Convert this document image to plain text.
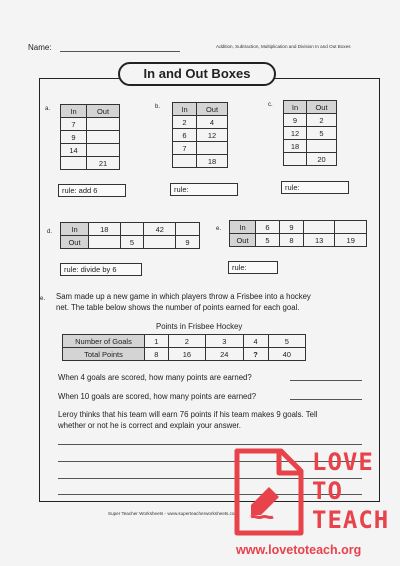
Name:	Addition, Subtraction, Multiplication and Division In and Out Boxes
In and Out Boxes
a.	In	Out
7	
9	
14	
	21
rule: add 6
b.	In	Out
2	4
6	12
7	
	18
rule:
c.	In	Out
9	2
12	5
18	
	20
rule:
d.	In	18		42	
Out		5		9
rule: divide by 6
e. In	6	9		
Out	5	8	13	19
rule:
e. Sam made up a new game in which players throw a Frisbee into a hockey
net. The table below shows the number of points earned for each goal.
Points in Frisbee Hockey
Number of Goals	1	2	3	4	5
Total Points	8	16	24	?	40
When 4 goals are scored, how many points are earned?
When 10 goals are scored, how many points are earned?
Leroy thinks that his team will earn 76 points if his team makes 9 goals. Tell
whether or not he is correct and explain your answer.
Super Teacher Worksheets - www.superteacherworksheets.com
LOVE
TO
TEACH
www.lovetoteach.org
